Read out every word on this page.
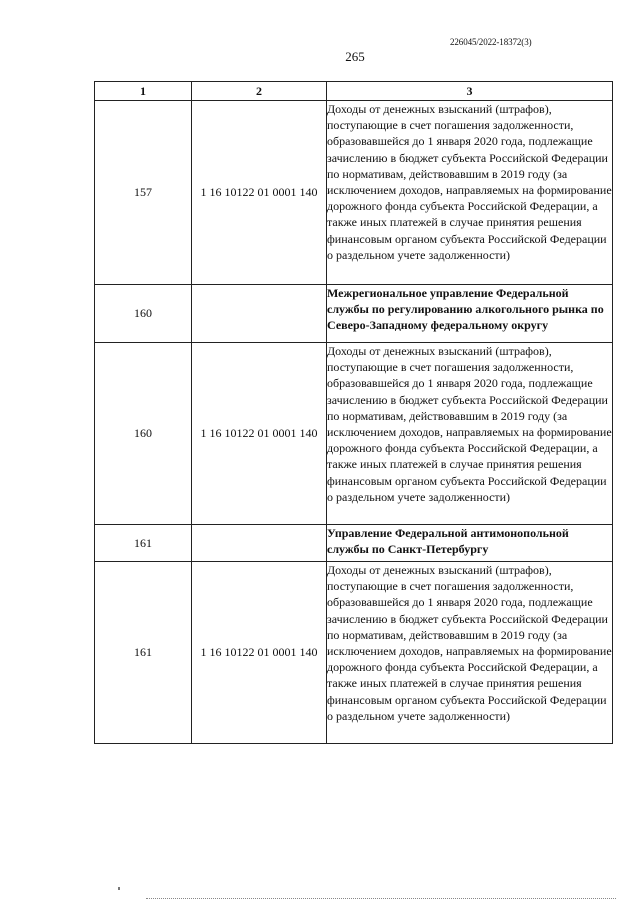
226045/2022-18372(3)
265
1	2	3
157	1 16 10122 01 0001 140	Доходы от денежных взысканий (штрафов), поступающие в счет погашения задолженности, образовавшейся до 1 января 2020 года, подлежащие зачислению в бюджет субъекта Российской Федерации по нормативам, действовавшим в 2019 году (за исключением доходов, направляемых на формирование дорожного фонда субъекта Российской Федерации, а также иных платежей в случае принятия решения финансовым органом субъекта Российской Федерации о раздельном учете задолженности)
160		Межрегиональное управление Федеральной службы по регулированию алкогольного рынка по Северо-Западному федеральному округу
160	1 16 10122 01 0001 140	Доходы от денежных взысканий (штрафов), поступающие в счет погашения задолженности, образовавшейся до 1 января 2020 года, подлежащие зачислению в бюджет субъекта Российской Федерации по нормативам, действовавшим в 2019 году (за исключением доходов, направляемых на формирование дорожного фонда субъекта Российской Федерации, а также иных платежей в случае принятия решения финансовым органом субъекта Российской Федерации о раздельном учете задолженности)
161		Управление Федеральной антимонопольной службы по Санкт-Петербургу
161	1 16 10122 01 0001 140	Доходы от денежных взысканий (штрафов), поступающие в счет погашения задолженности, образовавшейся до 1 января 2020 года, подлежащие зачислению в бюджет субъекта Российской Федерации по нормативам, действовавшим в 2019 году (за исключением доходов, направляемых на формирование дорожного фонда субъекта Российской Федерации, а также иных платежей в случае принятия решения финансовым органом субъекта Российской Федерации о раздельном учете задолженности)
